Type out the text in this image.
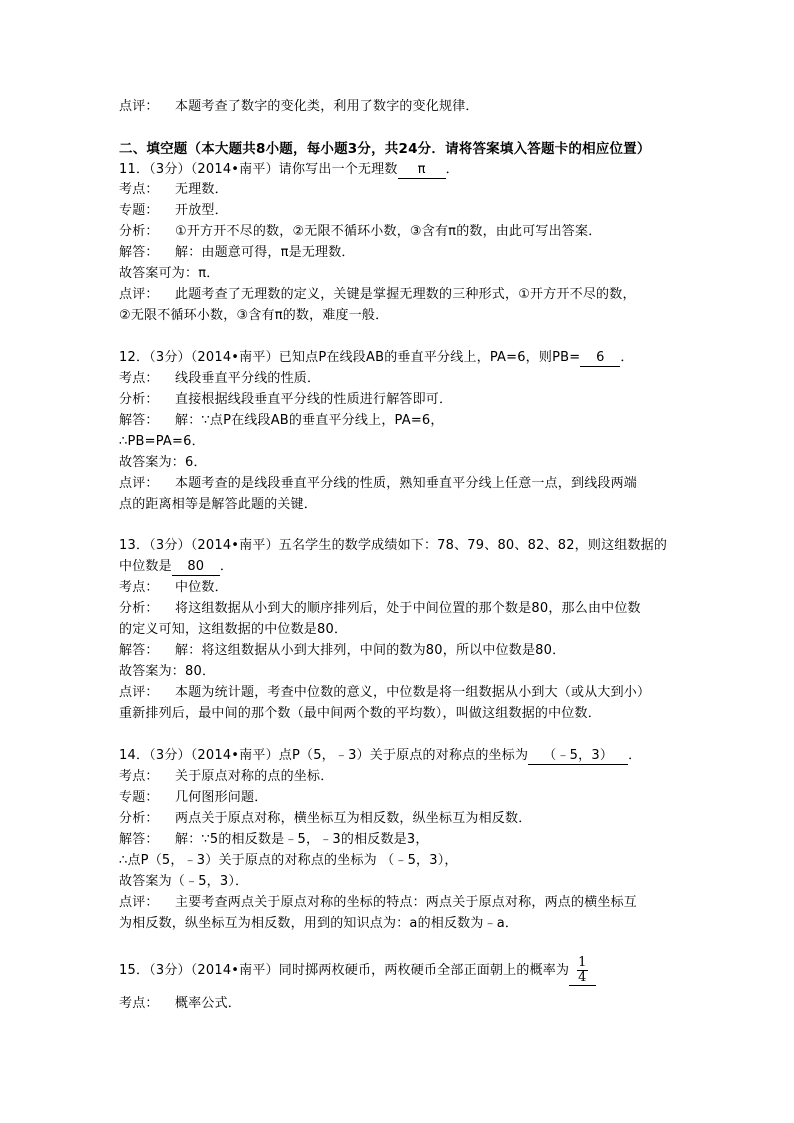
点评： 本题考查了数字的变化类，利用了数字的变化规律．
二、填空题（本大题共8小题，每小题3分，共24分．请将答案填入答题卡的相应位置）
11．（3分）（2014•南平）请你写出一个无理数 π ．
考点： 无理数．
专题： 开放型．
分析： ①开方开不尽的数，②无限不循环小数，③含有π的数，由此可写出答案．
解答： 解：由题意可得，π是无理数．
故答案可为：π．
点评： 此题考查了无理数的定义，关键是掌握无理数的三种形式，①开方开不尽的数，
②无限不循环小数，③含有π的数，难度一般．
12．（3分）（2014•南平）已知点P在线段AB的垂直平分线上，PA=6，则PB= 6 ．
考点： 线段垂直平分线的性质．
分析： 直接根据线段垂直平分线的性质进行解答即可．
解答： 解：∵点P在线段AB的垂直平分线上，PA=6，
∴PB=PA=6．
故答案为：6．
点评： 本题考查的是线段垂直平分线的性质，熟知垂直平分线上任意一点，到线段两端
点的距离相等是解答此题的关键．
13．（3分）（2014•南平）五名学生的数学成绩如下：78、79、80、82、82，则这组数据的
中位数是 80 ．
考点： 中位数．
分析： 将这组数据从小到大的顺序排列后，处于中间位置的那个数是80，那么由中位数
的定义可知，这组数据的中位数是80．
解答： 解：将这组数据从小到大排列，中间的数为80，所以中位数是80．
故答案为：80．
点评： 本题为统计题，考查中位数的意义，中位数是将一组数据从小到大（或从大到小）
重新排列后，最中间的那个数（最中间两个数的平均数），叫做这组数据的中位数．
14．（3分）（2014•南平）点P（5，﹣3）关于原点的对称点的坐标为 （﹣5，3） ．
考点： 关于原点对称的点的坐标．
专题： 几何图形问题．
分析： 两点关于原点对称，横坐标互为相反数，纵坐标互为相反数．
解答： 解：∵5的相反数是﹣5，﹣3的相反数是3，
∴点P（5，﹣3）关于原点的对称点的坐标为 （﹣5，3），
故答案为（﹣5，3）．
点评： 主要考查两点关于原点对称的坐标的特点：两点关于原点对称，两点的横坐标互
为相反数，纵坐标互为相反数，用到的知识点为：a的相反数为﹣a．
15．（3分）（2014•南平）同时掷两枚硬币，两枚硬币全部正面朝上的概率为 $\frac{1}{4}$
考点： 概率公式．
